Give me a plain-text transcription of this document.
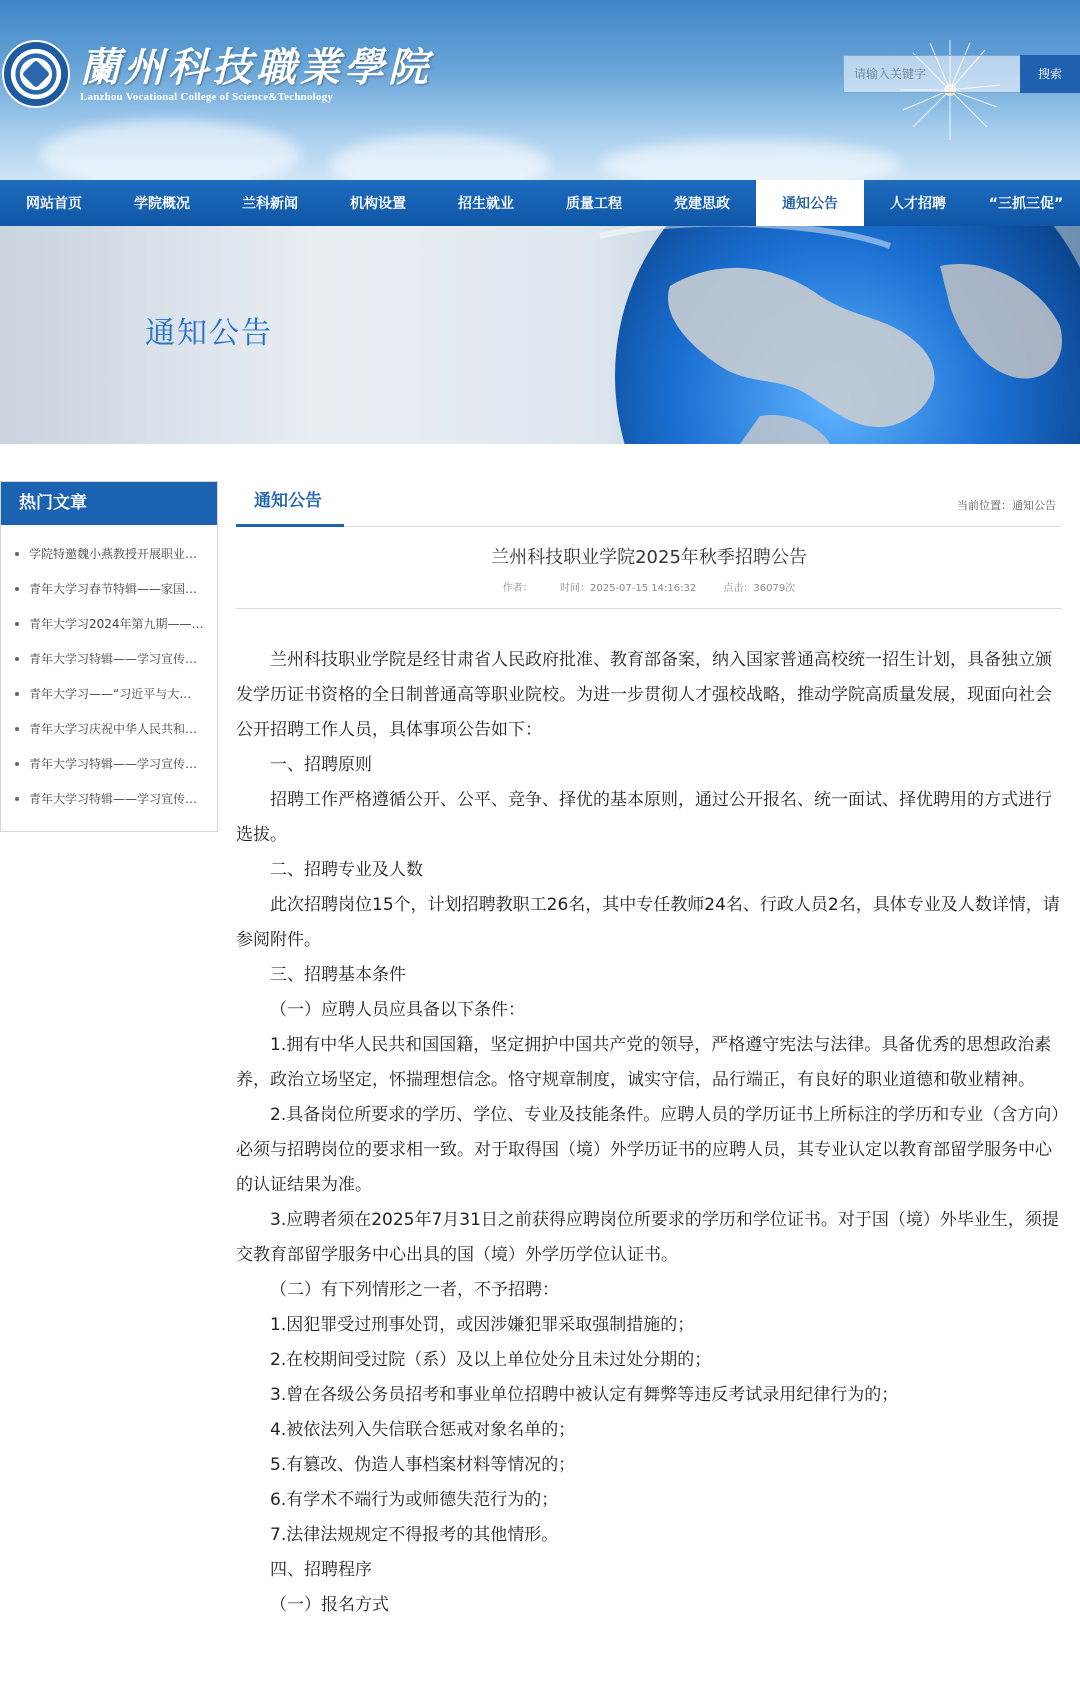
蘭州科技職業學院
Lanzhou Vocational College of Science&Technology
请输入关键字	搜索
网站首页	学院概况	兰科新闻	机构设置	招生就业	质量工程	党建思政	通知公告	人才招聘	“三抓三促”
通知公告
热门文章
学院特邀魏小燕教授开展职业…
青年大学习春节特辑——家国…
青年大学习2024年第九期——…
青年大学习特辑——学习宣传…
青年大学习——“习近平与大…
青年大学习庆祝中华人民共和…
青年大学习特辑——学习宣传…
青年大学习特辑——学习宣传…
通知公告	当前位置：通知公告
兰州科技职业学院2025年秋季招聘公告
作者：	时间：2025-07-15 14:16:32	点击：36079次

兰州科技职业学院是经甘肃省人民政府批准、教育部备案，纳入国家普通高校统一招生计划，具备独立颁发学历证书资格的全日制普通高等职业院校。为进一步贯彻人才强校战略，推动学院高质量发展，现面向社会公开招聘工作人员，具体事项公告如下：

一、招聘原则

招聘工作严格遵循公开、公平、竞争、择优的基本原则，通过公开报名、统一面试、择优聘用的方式进行选拔。

二、招聘专业及人数

此次招聘岗位15个，计划招聘教职工26名，其中专任教师24名、行政人员2名，具体专业及人数详情，请参阅附件。

三、招聘基本条件

（一）应聘人员应具备以下条件：

1.拥有中华人民共和国国籍，坚定拥护中国共产党的领导，严格遵守宪法与法律。具备优秀的思想政治素养，政治立场坚定，怀揣理想信念。恪守规章制度，诚实守信，品行端正，有良好的职业道德和敬业精神。

2.具备岗位所要求的学历、学位、专业及技能条件。应聘人员的学历证书上所标注的学历和专业（含方向）必须与招聘岗位的要求相一致。对于取得国（境）外学历证书的应聘人员，其专业认定以教育部留学服务中心的认证结果为准。

3.应聘者须在2025年7月31日之前获得应聘岗位所要求的学历和学位证书。对于国（境）外毕业生，须提交教育部留学服务中心出具的国（境）外学历学位认证书。

（二）有下列情形之一者，不予招聘：

1.因犯罪受过刑事处罚，或因涉嫌犯罪采取强制措施的；

2.在校期间受过院（系）及以上单位处分且未过处分期的；

3.曾在各级公务员招考和事业单位招聘中被认定有舞弊等违反考试录用纪律行为的；

4.被依法列入失信联合惩戒对象名单的；

5.有篡改、伪造人事档案材料等情况的；

6.有学术不端行为或师德失范行为的；

7.法律法规规定不得报考的其他情形。

四、招聘程序

（一）报名方式
